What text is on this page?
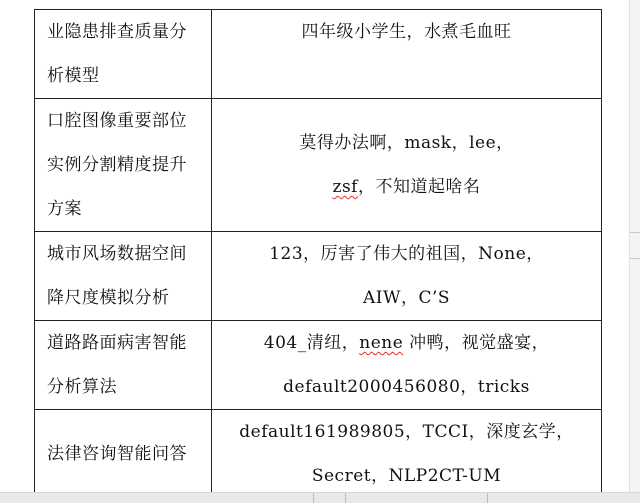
业隐患排查质量分
析模型	四年级小学生，水煮毛血旺

口腔图像重要部位
实例分割精度提升
方案	莫得办法啊，mask，lee，
zsf，不知道起啥名

城市风场数据空间
降尺度模拟分析	123，厉害了伟大的祖国，None，
AIW，C’S

道路路面病害智能
分析算法	404_清纽，nene 冲鸭，视觉盛宴，
default2000456080，tricks

法律咨询智能问答	default161989805，TCCI，深度玄学，
Secret，NLP2CT-UM
